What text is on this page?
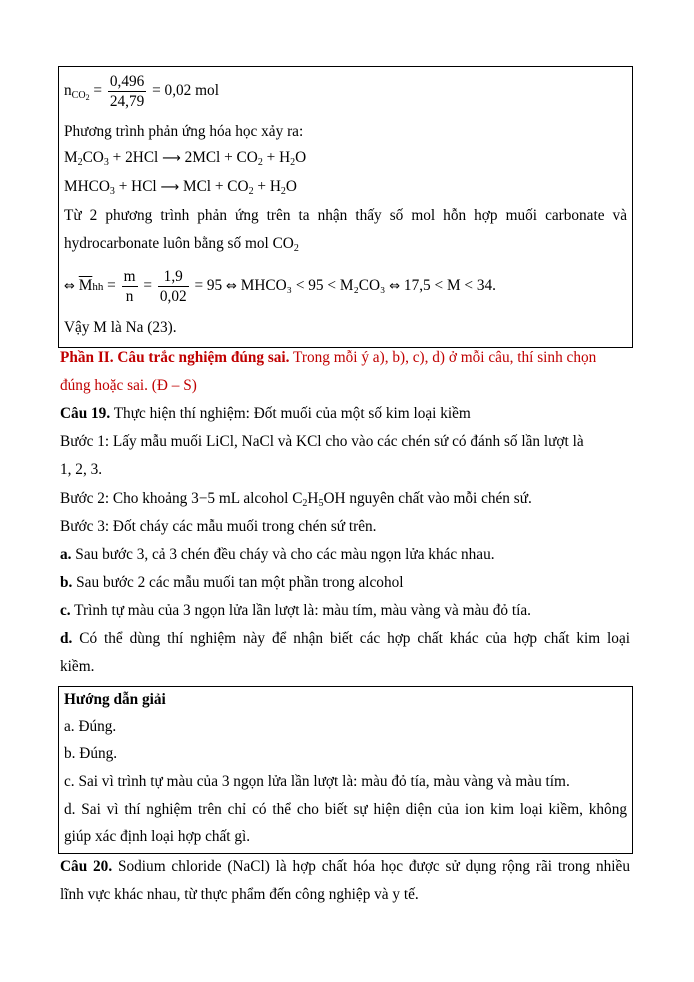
$n_{CO_2} = \frac{0,496}{24,79} = 0,02$ mol
Phương trình phản ứng hóa học xảy ra:
$M_2CO_3 + 2HCl$ ⟶ $2MCl + CO_2 + H_2O$
$MHCO_3$ + HCl ⟶ MCl + $CO_2 + H_2O$
Từ 2 phương trình phản ứng trên ta nhận thấy số mol hỗn hợp muối carbonate và
hydrocarbonate luôn bằng số mol $CO_2$
⇔ $\overline{M}hh = \frac{m}{n} = \frac{1,9}{0,02} = 95$ ⇔ MHCO₃ < 95 < M₂CO₃ ⇔ 17,5 < M < 34.
Vậy M là Na (23).
Phần II. Câu trắc nghiệm đúng sai. Trong mỗi ý a), b), c), d) ở mỗi câu, thí sinh chọn
đúng hoặc sai. (Đ – S)
Câu 19. Thực hiện thí nghiệm: Đốt muối của một số kim loại kiềm
Bước 1: Lấy mẫu muối LiCl, NaCl và KCl cho vào các chén sứ có đánh số lần lượt là
1, 2, 3.
Bước 2: Cho khoảng 3−5 mL alcohol $C_2H_5OH$ nguyên chất vào mỗi chén sứ.
Bước 3: Đốt cháy các mẫu muối trong chén sứ trên.
a. Sau bước 3, cả 3 chén đều cháy và cho các màu ngọn lửa khác nhau.
b. Sau bước 2 các mẫu muối tan một phần trong alcohol
c. Trình tự màu của 3 ngọn lửa lần lượt là: màu tím, màu vàng và màu đỏ tía.
d. Có thể dùng thí nghiệm này để nhận biết các hợp chất khác của hợp chất kim loại
kiềm.
Hướng dẫn giải
a. Đúng.
b. Đúng.
c. Sai vì trình tự màu của 3 ngọn lửa lần lượt là: màu đỏ tía, màu vàng và màu tím.
d. Sai vì thí nghiệm trên chỉ có thể cho biết sự hiện diện của ion kim loại kiềm, không
giúp xác định loại hợp chất gì.
Câu 20. Sodium chloride (NaCl) là hợp chất hóa học được sử dụng rộng rãi trong nhiều
lĩnh vực khác nhau, từ thực phẩm đến công nghiệp và y tế.
